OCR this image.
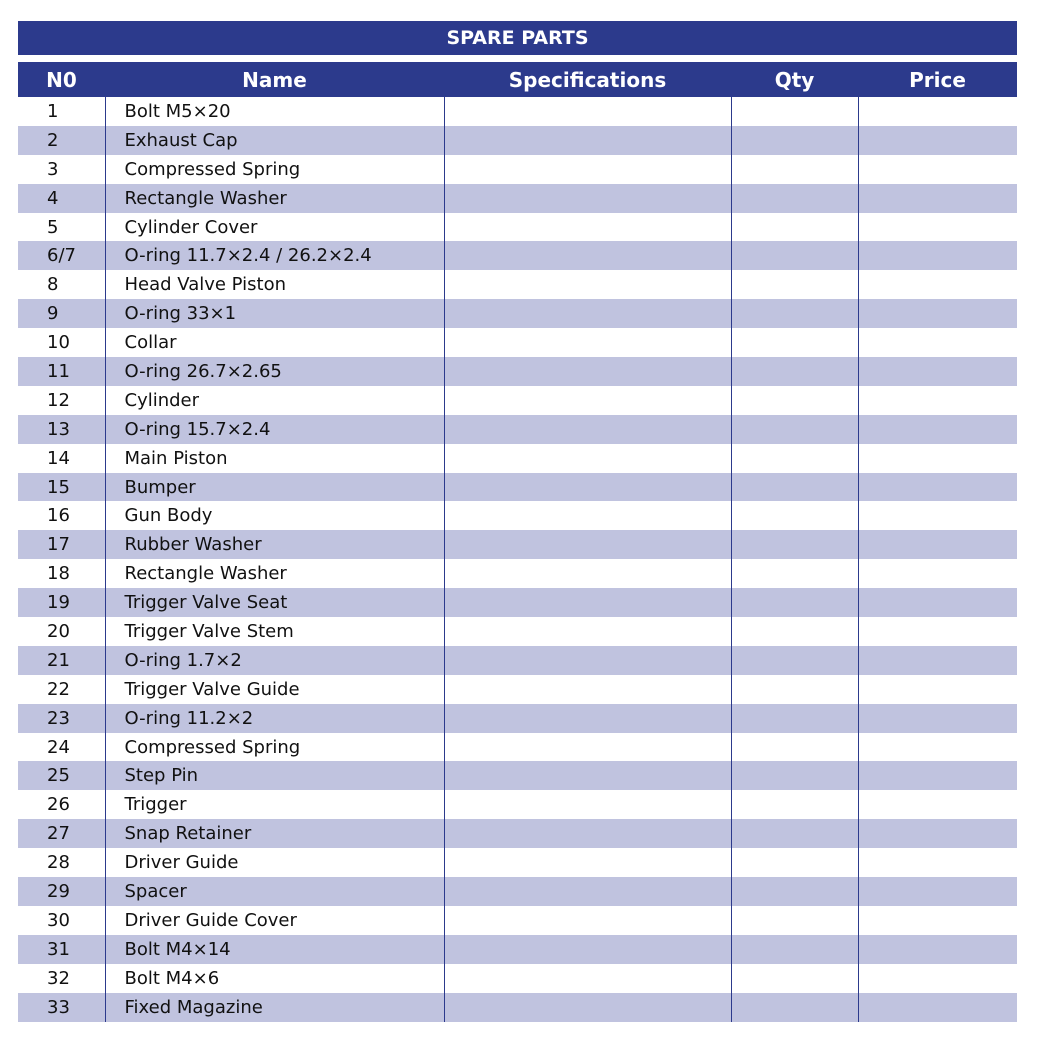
SPARE PARTS
N0	Name	Specifications	Qty	Price
1	Bolt M5×20			
2	Exhaust Cap			
3	Compressed Spring			
4	Rectangle Washer			
5	Cylinder Cover			
6/7	O-ring 11.7×2.4 / 26.2×2.4			
8	Head Valve Piston			
9	O-ring 33×1			
10	Collar			
11	O-ring 26.7×2.65			
12	Cylinder			
13	O-ring 15.7×2.4			
14	Main Piston			
15	Bumper			
16	Gun Body			
17	Rubber Washer			
18	Rectangle Washer			
19	Trigger Valve Seat			
20	Trigger Valve Stem			
21	O-ring 1.7×2			
22	Trigger Valve Guide			
23	O-ring 11.2×2			
24	Compressed Spring			
25	Step Pin			
26	Trigger			
27	Snap Retainer			
28	Driver Guide			
29	Spacer			
30	Driver Guide Cover			
31	Bolt M4×14			
32	Bolt M4×6			
33	Fixed Magazine			
